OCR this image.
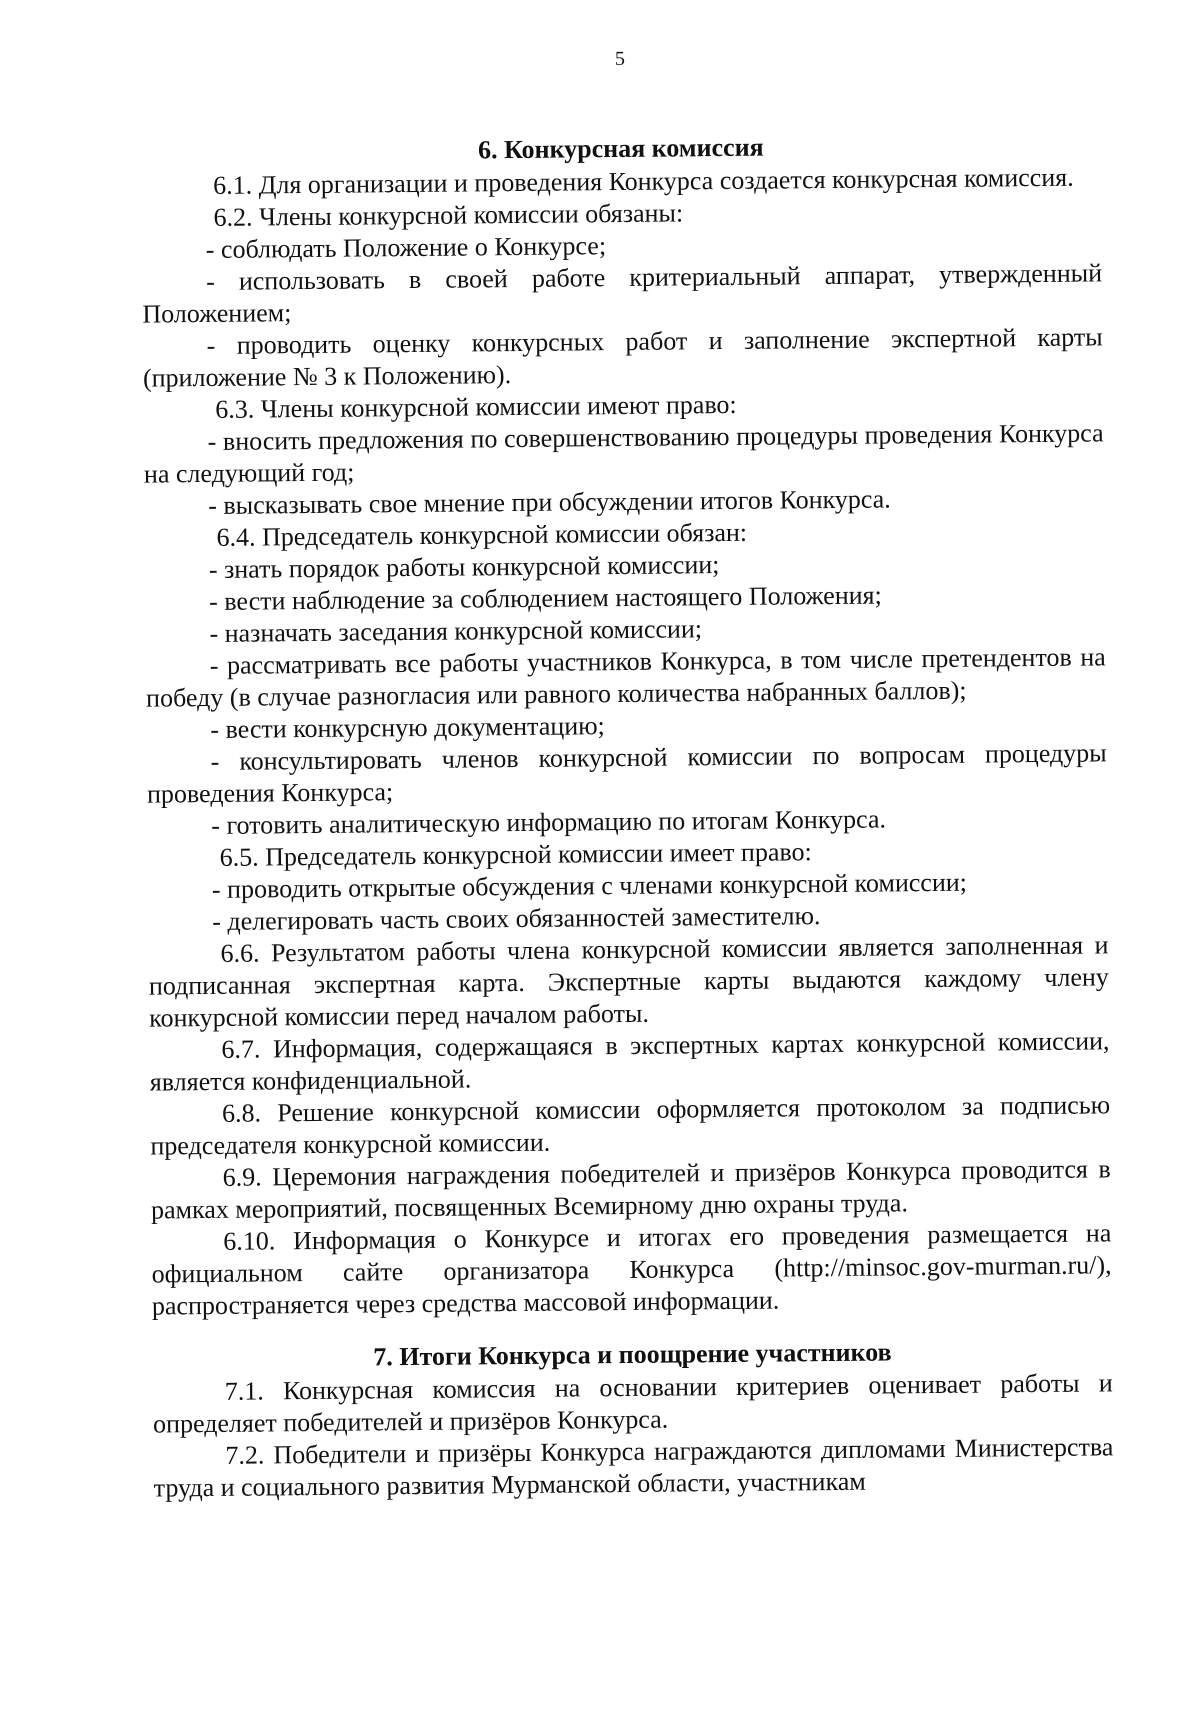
5
6. Конкурсная комиссия

6.1. Для организации и проведения Конкурса создается конкурсная комиссия.

6.2. Члены конкурсной комиссии обязаны:

- соблюдать Положение о Конкурсе;

- использовать в своей работе критериальный аппарат, утвержденный Положением;

- проводить оценку конкурсных работ и заполнение экспертной карты (приложение № 3 к Положению).

6.3. Члены конкурсной комиссии имеют право:

- вносить предложения по совершенствованию процедуры проведения Конкурса на следующий год;

- высказывать свое мнение при обсуждении итогов Конкурса.

6.4. Председатель конкурсной комиссии обязан:

- знать порядок работы конкурсной комиссии;

- вести наблюдение за соблюдением настоящего Положения;

- назначать заседания конкурсной комиссии;

- рассматривать все работы участников Конкурса, в том числе претендентов на победу (в случае разногласия или равного количества набранных баллов);

- вести конкурсную документацию;

- консультировать членов конкурсной комиссии по вопросам процедуры проведения Конкурса;

- готовить аналитическую информацию по итогам Конкурса.

6.5. Председатель конкурсной комиссии имеет право:

- проводить открытые обсуждения с членами конкурсной комиссии;

- делегировать часть своих обязанностей заместителю.

6.6. Результатом работы члена конкурсной комиссии является заполненная и подписанная экспертная карта. Экспертные карты выдаются каждому члену конкурсной комиссии перед началом работы.

6.7. Информация, содержащаяся в экспертных картах конкурсной комиссии, является конфиденциальной.

6.8. Решение конкурсной комиссии оформляется протоколом за подписью председателя конкурсной комиссии.

6.9. Церемония награждения победителей и призёров Конкурса проводится в рамках мероприятий, посвященных Всемирному дню охраны труда.

6.10. Информация о Конкурсе и итогах его проведения размещается на официальном сайте организатора Конкурса (http://minsoc.gov-murman.ru/), распространяется через средства массовой информации.

7. Итоги Конкурса и поощрение участников

7.1. Конкурсная комиссия на основании критериев оценивает работы и определяет победителей и призёров Конкурса.

7.2. Победители и призёры Конкурса награждаются дипломами Министерства труда и социального развития Мурманской области, участникам
